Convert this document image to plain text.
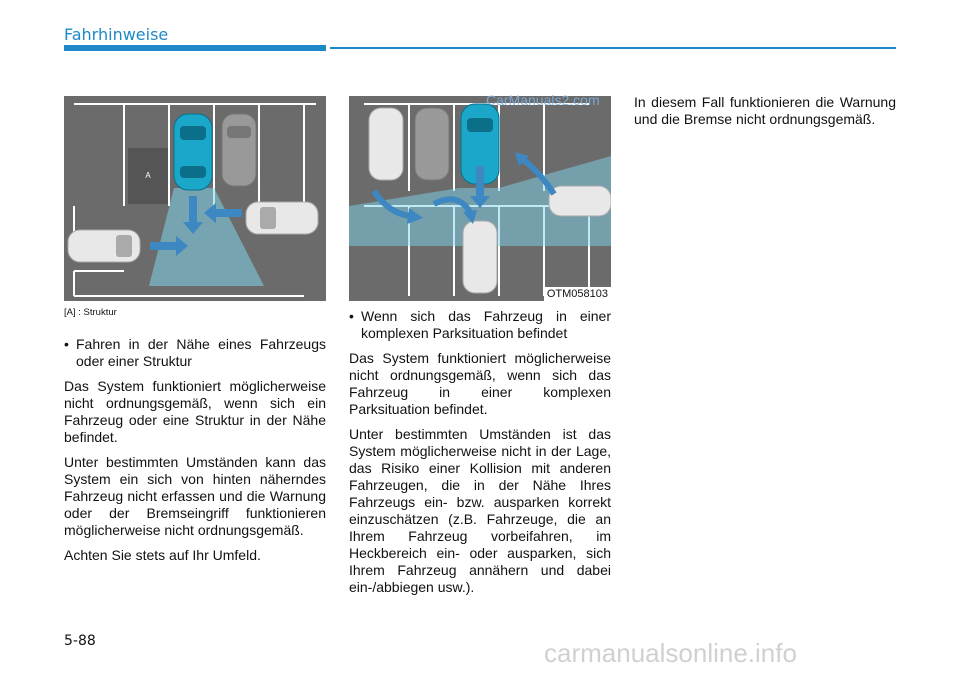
Fahrhinweise
A
[A] : Struktur
OTM058103
CarManuals2.com
• Fahren in der Nähe eines Fahrzeugs oder einer Struktur

Das System funktioniert möglicherweise nicht ordnungsgemäß, wenn sich ein Fahrzeug oder eine Struktur in der Nähe befindet.

Unter bestimmten Umständen kann das System ein sich von hinten näherndes Fahrzeug nicht erfassen und die Warnung oder der Bremseingriff funktionieren möglicherweise nicht ordnungsgemäß.

Achten Sie stets auf Ihr Umfeld.

• Wenn sich das Fahrzeug in einer komplexen Parksituation befindet

Das System funktioniert möglicherweise nicht ordnungsgemäß, wenn sich das Fahrzeug in einer komplexen Parksituation befindet.

Unter bestimmten Umständen ist das System möglicherweise nicht in der Lage, das Risiko einer Kollision mit anderen Fahrzeugen, die in der Nähe Ihres Fahrzeugs ein- bzw. ausparken korrekt einzuschätzen (z.B. Fahrzeuge, die an Ihrem Fahrzeug vorbeifahren, im Heckbereich ein- oder ausparken, sich Ihrem Fahrzeug annähern und dabei ein-/abbiegen usw.).

In diesem Fall funktionieren die Warnung und die Bremse nicht ordnungsgemäß.

5-88	carmanualsonline.info
